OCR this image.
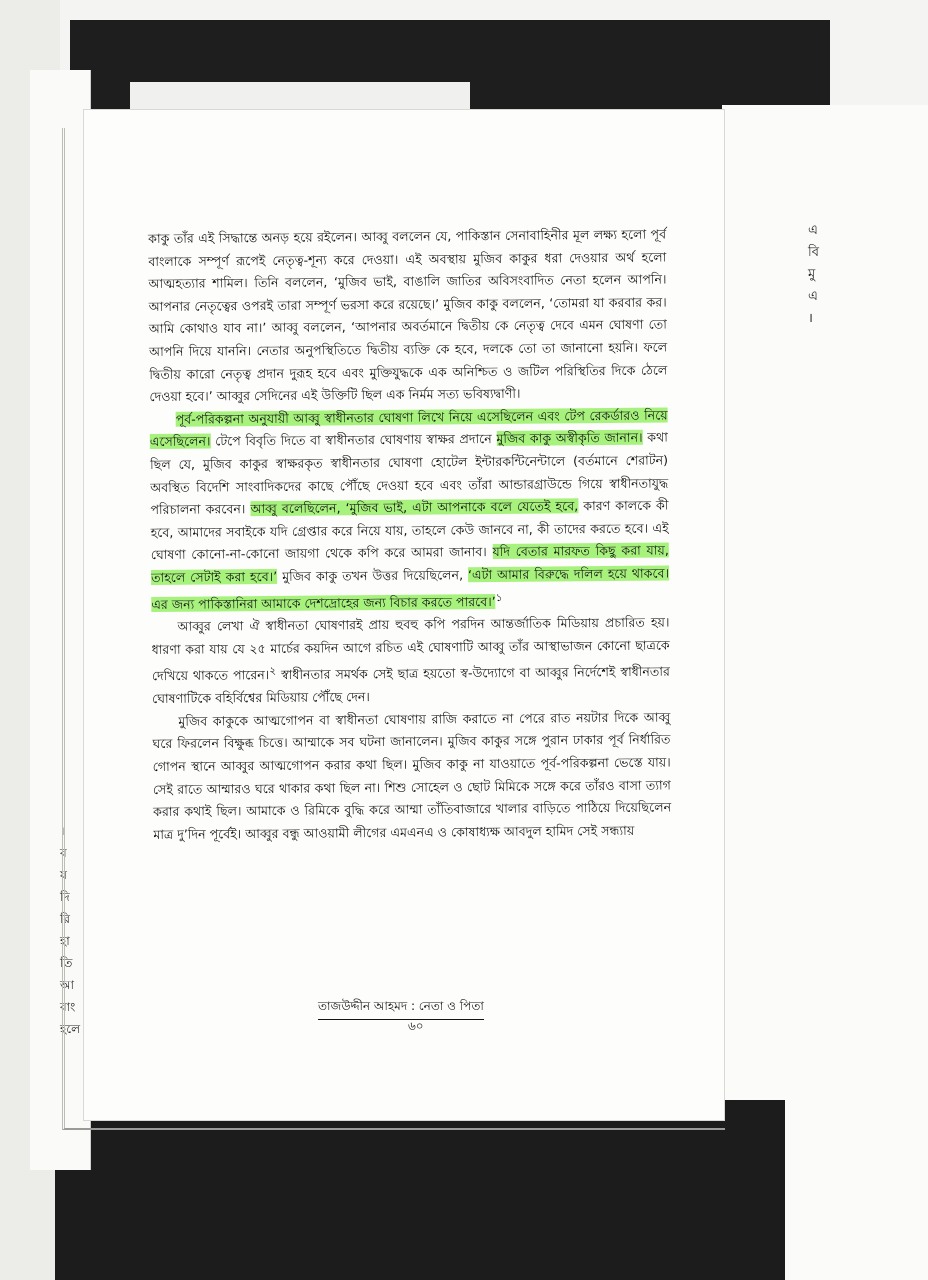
এ
বি
মু
এ
।
।
ব
য
দি
রি
হা
তি
আ
বাং
হলে

কাকু তাঁর এই সিদ্ধান্তে অনড় হয়ে রইলেন। আব্বু বললেন যে, পাকিস্তান সেনাবাহিনীর মূল লক্ষ্য হলো পূর্ব বাংলাকে সম্পূর্ণ রূপেই নেতৃত্ব-শূন্য করে দেওয়া। এই অবস্থায় মুজিব কাকুর ধরা দেওয়ার অর্থ হলো আত্মহত্যার শামিল। তিনি বললেন, ‘মুজিব ভাই, বাঙালি জাতির অবিসংবাদিত নেতা হলেন আপনি। আপনার নেতৃত্বের ওপরই তারা সম্পূর্ণ ভরসা করে রয়েছে।’ মুজিব কাকু বললেন, ‘তোমরা যা করবার কর। আমি কোথাও যাব না।’ আব্বু বললেন, ‘আপনার অবর্তমানে দ্বিতীয় কে নেতৃত্ব দেবে এমন ঘোষণা তো আপনি দিয়ে যাননি। নেতার অনুপস্থিতিতে দ্বিতীয় ব্যক্তি কে হবে, দলকে তো তা জানানো হয়নি। ফলে দ্বিতীয় কারো নেতৃত্ব প্রদান দুরূহ হবে এবং মুক্তিযুদ্ধকে এক অনিশ্চিত ও জটিল পরিস্থিতির দিকে ঠেলে দেওয়া হবে।’ আব্বুর সেদিনের এই উক্তিটি ছিল এক নির্মম সত্য ভবিষ্যদ্বাণী।

পূর্ব-পরিকল্পনা অনুযায়ী আব্বু স্বাধীনতার ঘোষণা লিখে নিয়ে এসেছিলেন এবং টেপ রেকর্ডারও নিয়ে এসেছিলেন। টেপে বিবৃতি দিতে বা স্বাধীনতার ঘোষণায় স্বাক্ষর প্রদানে মুজিব কাকু অস্বীকৃতি জানান। কথা ছিল যে, মুজিব কাকুর স্বাক্ষরকৃত স্বাধীনতার ঘোষণা হোটেল ইন্টারকন্টিনেন্টালে (বর্তমানে শেরাটন) অবস্থিত বিদেশি সাংবাদিকদের কাছে পৌঁছে দেওয়া হবে এবং তাঁরা আন্ডারগ্রাউন্ডে গিয়ে স্বাধীনতাযুদ্ধ পরিচালনা করবেন। আব্বু বলেছিলেন, ‘মুজিব ভাই, এটা আপনাকে বলে যেতেই হবে, কারণ কালকে কী হবে, আমাদের সবাইকে যদি গ্রেপ্তার করে নিয়ে যায়, তাহলে কেউ জানবে না, কী তাদের করতে হবে। এই ঘোষণা কোনো-না-কোনো জায়গা থেকে কপি করে আমরা জানাব। যদি বেতার মারফত কিছু করা যায়, তাহলে সেটাই করা হবে।’ মুজিব কাকু তখন উত্তর দিয়েছিলেন, ‘এটা আমার বিরুদ্ধে দলিল হয়ে থাকবে। এর জন্য পাকিস্তানিরা আমাকে দেশদ্রোহের জন্য বিচার করতে পারবে।’$^১$

আব্বুর লেখা ঐ স্বাধীনতা ঘোষণারই প্রায় হুবহু কপি পরদিন আন্তর্জাতিক মিডিয়ায় প্রচারিত হয়। ধারণা করা যায় যে ২৫ মার্চের কয়দিন আগে রচিত এই ঘোষণাটি আব্বু তাঁর আস্থাভাজন কোনো ছাত্রকে দেখিয়ে থাকতে পারেন।$^২$ স্বাধীনতার সমর্থক সেই ছাত্র হয়তো স্ব-উদ্যোগে বা আব্বুর নির্দেশেই স্বাধীনতার ঘোষণাটিকে বহির্বিশ্বের মিডিয়ায় পৌঁছে দেন।

মুজিব কাকুকে আত্মগোপন বা স্বাধীনতা ঘোষণায় রাজি করাতে না পেরে রাত নয়টার দিকে আব্বু ঘরে ফিরলেন বিক্ষুব্ধ চিত্তে। আম্মাকে সব ঘটনা জানালেন। মুজিব কাকুর সঙ্গে পুরান ঢাকার পূর্ব নির্ধারিত গোপন স্থানে আব্বুর আত্মগোপন করার কথা ছিল। মুজিব কাকু না যাওয়াতে পূর্ব-পরিকল্পনা ভেস্তে যায়। সেই রাতে আম্মারও ঘরে থাকার কথা ছিল না। শিশু সোহেল ও ছোট মিমিকে সঙ্গে করে তাঁরও বাসা ত্যাগ করার কথাই ছিল। আমাকে ও রিমিকে বুদ্ধি করে আম্মা তাঁতিবাজারে খালার বাড়িতে পাঠিয়ে দিয়েছিলেন মাত্র দু’দিন পূর্বেই। আব্বুর বন্ধু আওয়ামী লীগের এমএনএ ও কোষাধ্যক্ষ আবদুল হামিদ সেই সন্ধ্যায়

তাজউদ্দীন আহমদ : নেতা ও পিতা
৬০
